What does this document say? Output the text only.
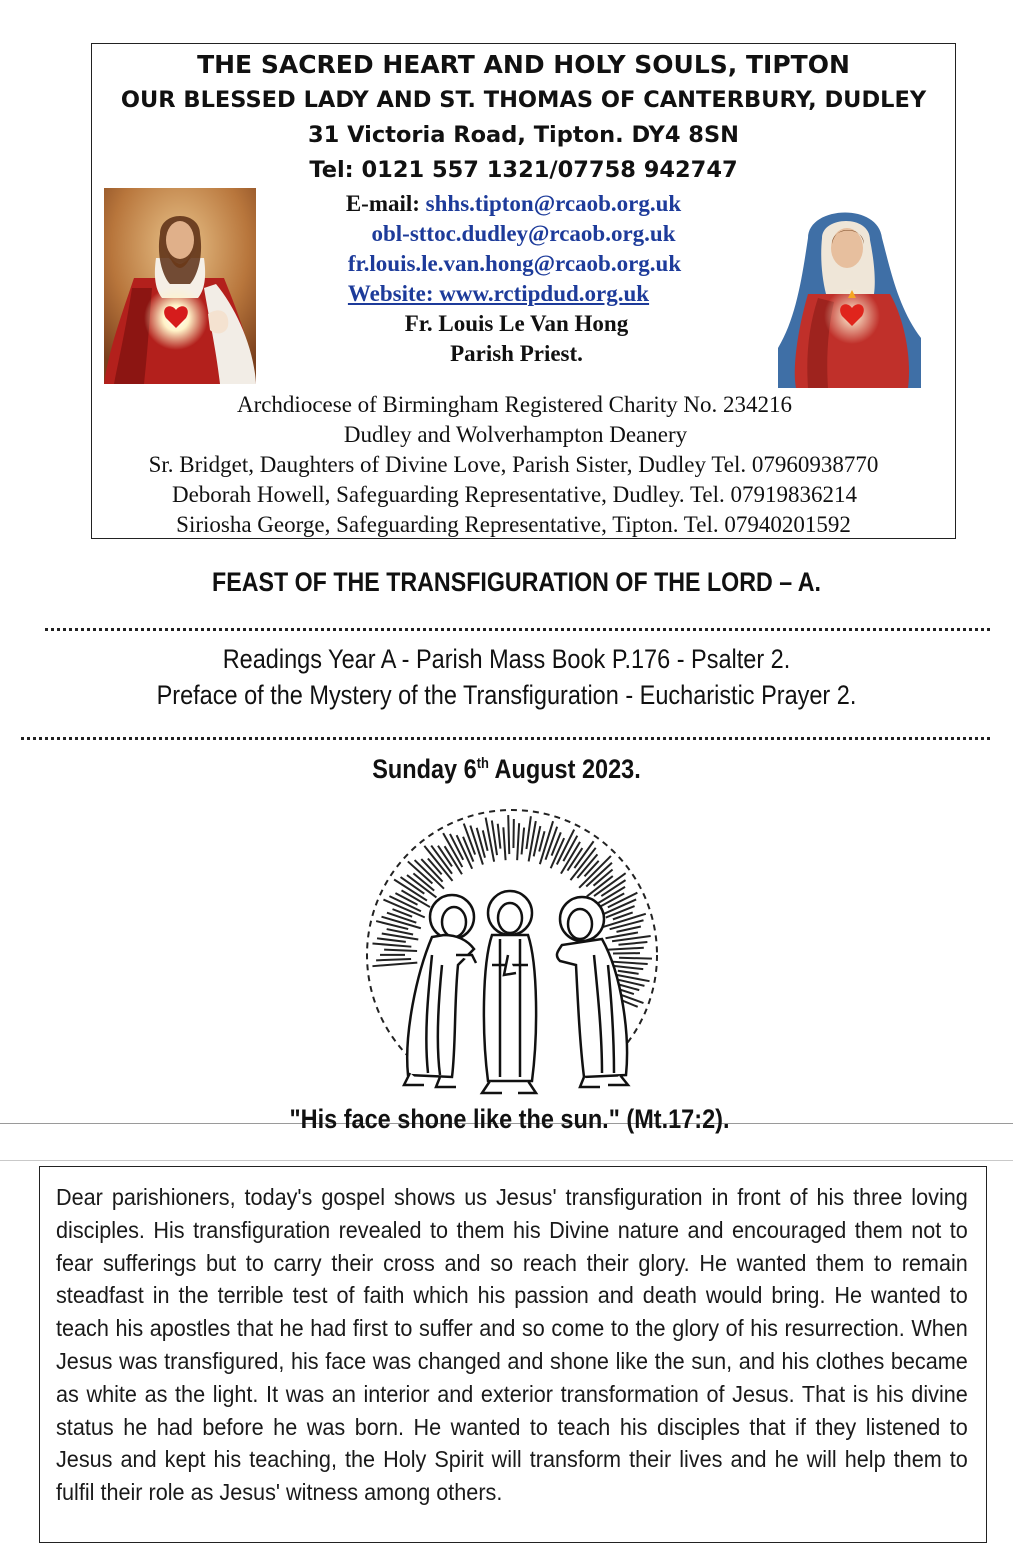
THE SACRED HEART AND HOLY SOULS, TIPTON
OUR BLESSED LADY AND ST. THOMAS OF CANTERBURY, DUDLEY
31 Victoria Road, Tipton. DY4 8SN
Tel: 0121 557 1321/07758 942747
E-mail: shhs.tipton@rcaob.org.uk
obl-sttoc.dudley@rcaob.org.uk
fr.louis.le.van.hong@rcaob.org.uk
Website: www.rctipdud.org.uk
Fr. Louis Le Van Hong
Parish Priest.
Archdiocese of Birmingham Registered Charity No. 234216
Dudley and Wolverhampton Deanery
Sr. Bridget, Daughters of Divine Love, Parish Sister, Dudley Tel. 07960938770
Deborah Howell, Safeguarding Representative, Dudley. Tel. 07919836214
Siriosha George, Safeguarding Representative, Tipton. Tel. 07940201592
FEAST OF THE TRANSFIGURATION OF THE LORD – A.
Readings Year A - Parish Mass Book P.176 - Psalter 2.
Preface of the Mystery of the Transfiguration - Eucharistic Prayer 2.
Sunday 6th August 2023.
"His face shone like the sun." (Mt.17:2).
Dear parishioners, today's gospel shows us Jesus' transfiguration in front of his three loving disciples. His transfiguration revealed to them his Divine nature and encouraged them not to fear sufferings but to carry their cross and so reach their glory. He wanted them to remain steadfast in the terrible test of faith which his passion and death would bring. He wanted to teach his apostles that he had first to suffer and so come to the glory of his resurrection. When Jesus was transfigured, his face was changed and shone like the sun, and his clothes became as white as the light. It was an interior and exterior transformation of Jesus. That is his divine status he had before he was born. He wanted to teach his disciples that if they listened to Jesus and kept his teaching, the Holy Spirit will transform their lives and he will help them to fulfil their role as Jesus' witness among others.
